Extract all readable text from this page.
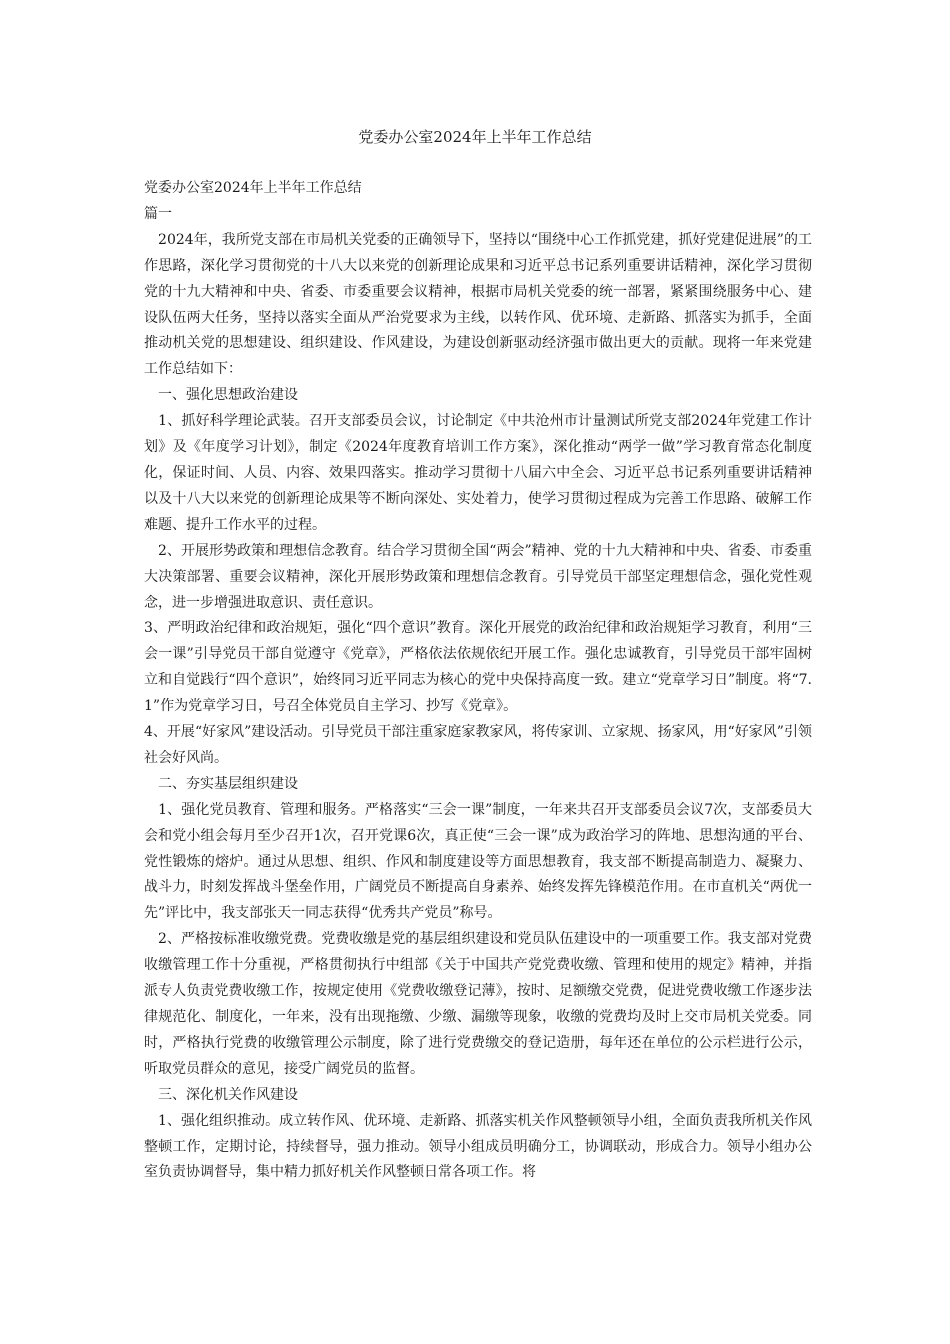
党委办公室2024年上半年工作总结

党委办公室2024年上半年工作总结

篇一

　2024年，我所党支部在市局机关党委的正确领导下，坚持以“围绕中心工作抓党建，抓好党建促进展”的工作思路，深化学习贯彻党的十八大以来党的创新理论成果和习近平总书记系列重要讲话精神，深化学习贯彻党的十九大精神和中央、省委、市委重要会议精神，根据市局机关党委的统一部署，紧紧围绕服务中心、建设队伍两大任务，坚持以落实全面从严治党要求为主线，以转作风、优环境、走新路、抓落实为抓手，全面推动机关党的思想建设、组织建设、作风建设，为建设创新驱动经济强市做出更大的贡献。现将一年来党建工作总结如下：

　一、强化思想政治建设

　1、抓好科学理论武装。召开支部委员会议，讨论制定《中共沧州市计量测试所党支部2024年党建工作计划》及《年度学习计划》，制定《2024年度教育培训工作方案》，深化推动“两学一做”学习教育常态化制度化，保证时间、人员、内容、效果四落实。推动学习贯彻十八届六中全会、习近平总书记系列重要讲话精神以及十八大以来党的创新理论成果等不断向深处、实处着力，使学习贯彻过程成为完善工作思路、破解工作难题、提升工作水平的过程。

　2、开展形势政策和理想信念教育。结合学习贯彻全国“两会”精神、党的十九大精神和中央、省委、市委重大决策部署、重要会议精神，深化开展形势政策和理想信念教育。引导党员干部坚定理想信念，强化党性观念，进一步增强进取意识、责任意识。

3、严明政治纪律和政治规矩，强化“四个意识”教育。深化开展党的政治纪律和政治规矩学习教育，利用“三会一课”引导党员干部自觉遵守《党章》，严格依法依规依纪开展工作。强化忠诚教育，引导党员干部牢固树立和自觉践行“四个意识”，始终同习近平同志为核心的党中央保持高度一致。建立“党章学习日”制度。将“7.1”作为党章学习日，号召全体党员自主学习、抄写《党章》。

4、开展“好家风”建设活动。引导党员干部注重家庭家教家风，将传家训、立家规、扬家风，用“好家风”引领社会好风尚。

　二、夯实基层组织建设

　1、强化党员教育、管理和服务。严格落实“三会一课”制度，一年来共召开支部委员会议7次，支部委员大会和党小组会每月至少召开1次，召开党课6次，真正使“三会一课”成为政治学习的阵地、思想沟通的平台、党性锻炼的熔炉。通过从思想、组织、作风和制度建设等方面思想教育，我支部不断提高制造力、凝聚力、战斗力，时刻发挥战斗堡垒作用，广阔党员不断提高自身素养、始终发挥先锋模范作用。在市直机关“两优一先”评比中，我支部张天一同志获得“优秀共产党员”称号。

　2、严格按标准收缴党费。党费收缴是党的基层组织建设和党员队伍建设中的一项重要工作。我支部对党费收缴管理工作十分重视，严格贯彻执行中组部《关于中国共产党党费收缴、管理和使用的规定》精神，并指派专人负责党费收缴工作，按规定使用《党费收缴登记薄》，按时、足额缴交党费，促进党费收缴工作逐步法律规范化、制度化，一年来，没有出现拖缴、少缴、漏缴等现象，收缴的党费均及时上交市局机关党委。同时，严格执行党费的收缴管理公示制度，除了进行党费缴交的登记造册，每年还在单位的公示栏进行公示，听取党员群众的意见，接受广阔党员的监督。

　三、深化机关作风建设

　1、强化组织推动。成立转作风、优环境、走新路、抓落实机关作风整顿领导小组，全面负责我所机关作风整顿工作，定期讨论，持续督导，强力推动。领导小组成员明确分工，协调联动，形成合力。领导小组办公室负责协调督导，集中精力抓好机关作风整顿日常各项工作。将
